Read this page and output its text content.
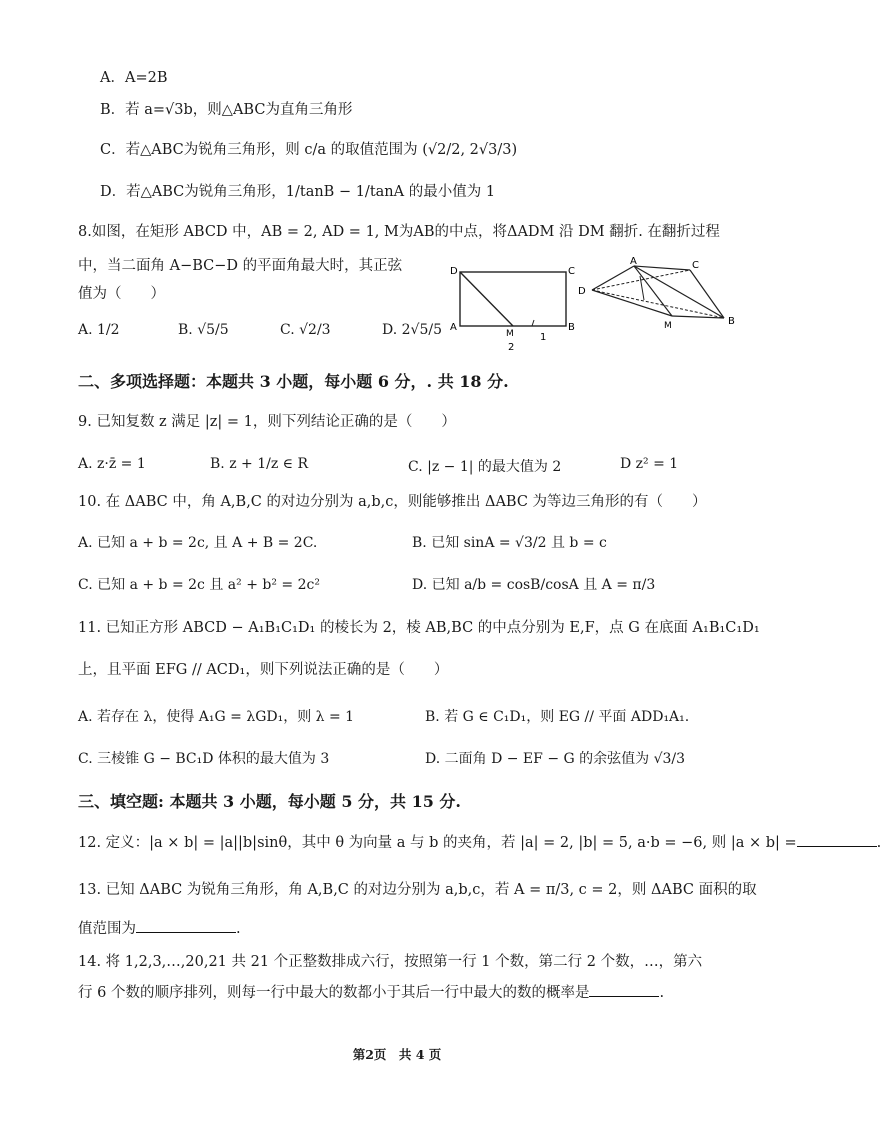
A．A=2B
B．若 a=√3b，则△ABC为直角三角形
C．若△ABC为锐角三角形，则 c/a 的取值范围为 (√2/2, 2√3/3)
D．若△ABC为锐角三角形，1/tanB − 1/tanA 的最小值为 1
8.如图，在矩形 ABCD 中，AB = 2, AD = 1, M为AB的中点，将ΔADM 沿 DM 翻折. 在翻折过程
中，当二面角 A−BC−D 的平面角最大时，其正弦
值为（　　）
A. 1/2	B. √5/5	C. √2/3	D. 2√5/5
D	C
A	B
M
2
1
D
A	C
M	B
二、多项选择题：本题共 3 小题，每小题 6 分，. 共 18 分.
9. 已知复数 z 满足 |z| = 1，则下列结论正确的是（　　）
A. z·z̄ = 1	B. z + 1/z ∈ R	C. |z − 1| 的最大值为 2	D z² = 1
10. 在 ΔABC 中，角 A,B,C 的对边分别为 a,b,c，则能够推出 ΔABC 为等边三角形的有（　　）
A. 已知 a + b = 2c, 且 A + B = 2C.	B. 已知 sinA = √3/2 且 b = c
C. 已知 a + b = 2c 且 a² + b² = 2c²	D. 已知 a/b = cosB/cosA 且 A = π/3
11. 已知正方形 ABCD − A₁B₁C₁D₁ 的棱长为 2，棱 AB,BC 的中点分别为 E,F，点 G 在底面 A₁B₁C₁D₁
上，且平面 EFG // ACD₁，则下列说法正确的是（　　）
A. 若存在 λ，使得 A₁G = λGD₁，则 λ = 1	B. 若 G ∈ C₁D₁，则 EG // 平面 ADD₁A₁.
C. 三棱锥 G − BC₁D 体积的最大值为 3	D. 二面角 D − EF − G 的余弦值为 √3/3
三、填空题: 本题共 3 小题，每小题 5 分，共 15 分.
12. 定义：|a × b| = |a||b|sinθ，其中 θ 为向量 a 与 b 的夹角，若 |a| = 2, |b| = 5, a·b = −6, 则 |a × b| =	.
13. 已知 ΔABC 为锐角三角形，角 A,B,C 的对边分别为 a,b,c，若 A = π/3, c = 2，则 ΔABC 面积的取
值范围为	.
14. 将 1,2,3,…,20,21 共 21 个正整数排成六行，按照第一行 1 个数，第二行 2 个数，…，第六
行 6 个数的顺序排列，则每一行中最大的数都小于其后一行中最大的数的概率是	.
第2页　共 4 页
